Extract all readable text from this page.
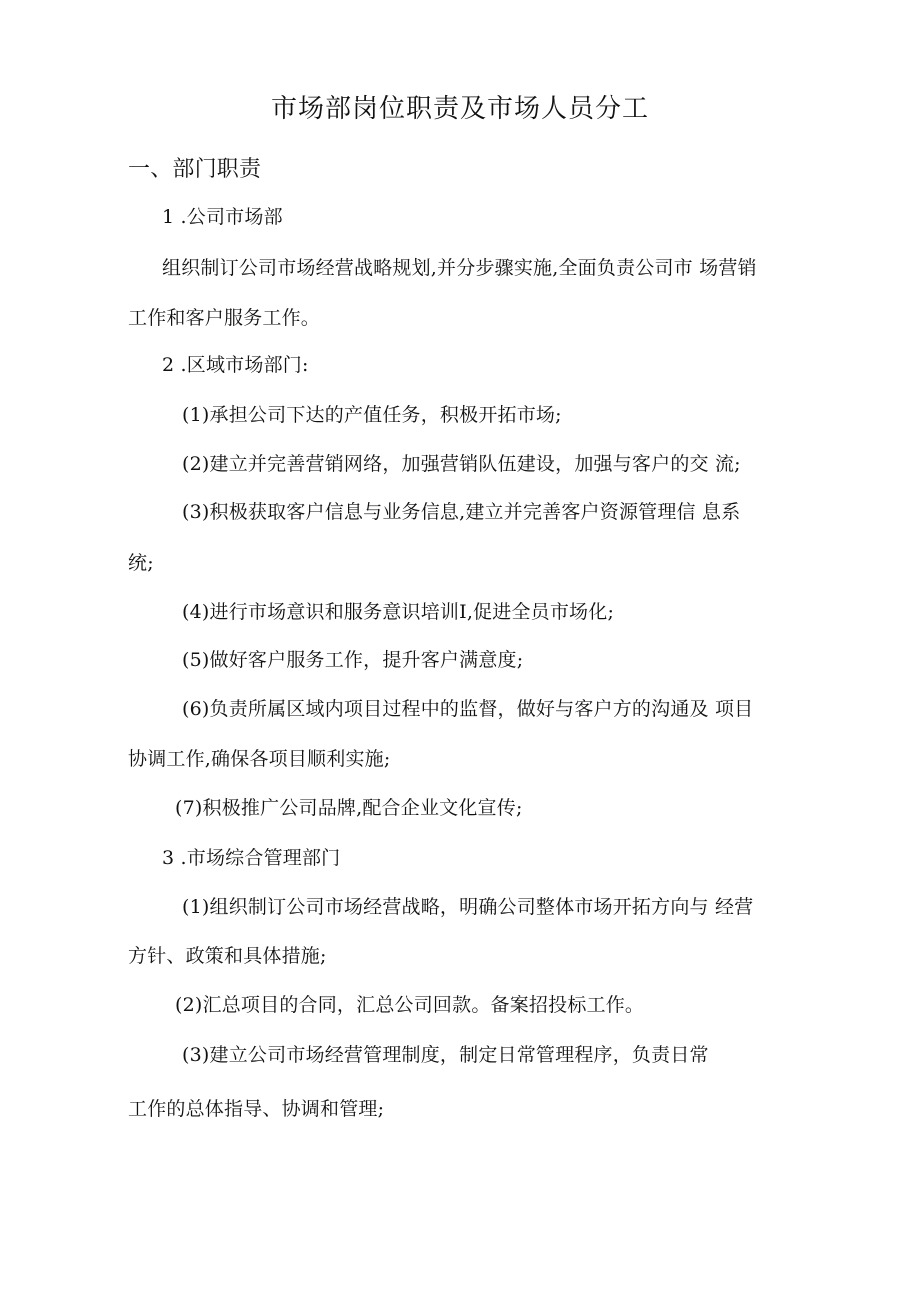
市场部岗位职责及市场人员分工
一、部门职责
1 .公司市场部
组织制订公司市场经营战略规划,并分步骤实施,全面负责公司市 场营销
工作和客户服务工作。
2 .区域市场部门:
(1)承担公司下达的产值任务，积极开拓市场;
(2)建立并完善营销网络，加强营销队伍建设，加强与客户的交 流;
(3)积极获取客户信息与业务信息,建立并完善客户资源管理信 息系
统;
(4)进行市场意识和服务意识培训I,促进全员市场化;
(5)做好客户服务工作，提升客户满意度;
(6)负责所属区域内项目过程中的监督，做好与客户方的沟通及 项目
协调工作,确保各项目顺利实施;
(7)积极推广公司品牌,配合企业文化宣传;
3 .市场综合管理部门
(1)组织制订公司市场经营战略，明确公司整体市场开拓方向与 经营
方针、政策和具体措施;
(2)汇总项目的合同，汇总公司回款。备案招投标工作。
(3)建立公司市场经营管理制度，制定日常管理程序，负责日常
工作的总体指导、协调和管理;
